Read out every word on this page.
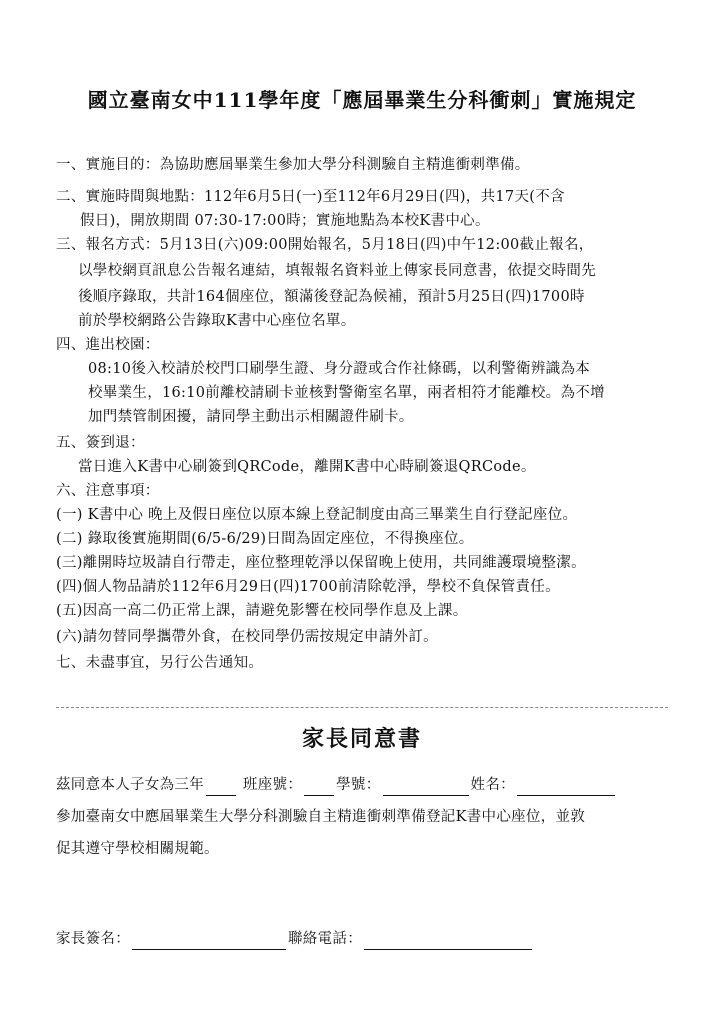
國立臺南女中111學年度「應屆畢業生分科衝刺」實施規定
一、實施目的：為協助應屆畢業生參加大學分科測驗自主精進衝刺準備。
二、實施時間與地點：112年6月5日(一)至112年6月29日(四)，共17天(不含
假日)，開放期間 07:30-17:00時；實施地點為本校K書中心。
三、報名方式：5月13日(六)09:00開始報名，5月18日(四)中午12:00截止報名，
以學校網頁訊息公告報名連結，填報報名資料並上傳家長同意書，依提交時間先
後順序錄取，共計164個座位，額滿後登記為候補，預計5月25日(四)1700時
前於學校網路公告錄取K書中心座位名單。
四、進出校園：
08:10後入校請於校門口刷學生證、身分證或合作社條碼，以利警衛辨識為本
校畢業生，16:10前離校請刷卡並核對警衛室名單，兩者相符才能離校。為不增
加門禁管制困擾，請同學主動出示相關證件刷卡。
五、簽到退：
當日進入K書中心刷簽到QRCode，離開K書中心時刷簽退QRCode。
六、注意事項：
(一) K書中心 晚上及假日座位以原本線上登記制度由高三畢業生自行登記座位。
(二) 錄取後實施期間(6/5-6/29)日間為固定座位，不得換座位。
(三)離開時垃圾請自行帶走，座位整理乾淨以保留晚上使用，共同維護環境整潔。
(四)個人物品請於112年6月29日(四)1700前清除乾淨，學校不負保管責任。
(五)因高一高二仍正常上課，請避免影響在校同學作息及上課。
(六)請勿替同學攜帶外食，在校同學仍需按規定申請外訂。
七、未盡事宜，另行公告通知。
家長同意書
茲同意本人子女為三年	班座號： 學號：	姓名：
參加臺南女中應屆畢業生大學分科測驗自主精進衝刺準備登記K書中心座位，並敦
促其遵守學校相關規範。
家長簽名：	聯絡電話：
